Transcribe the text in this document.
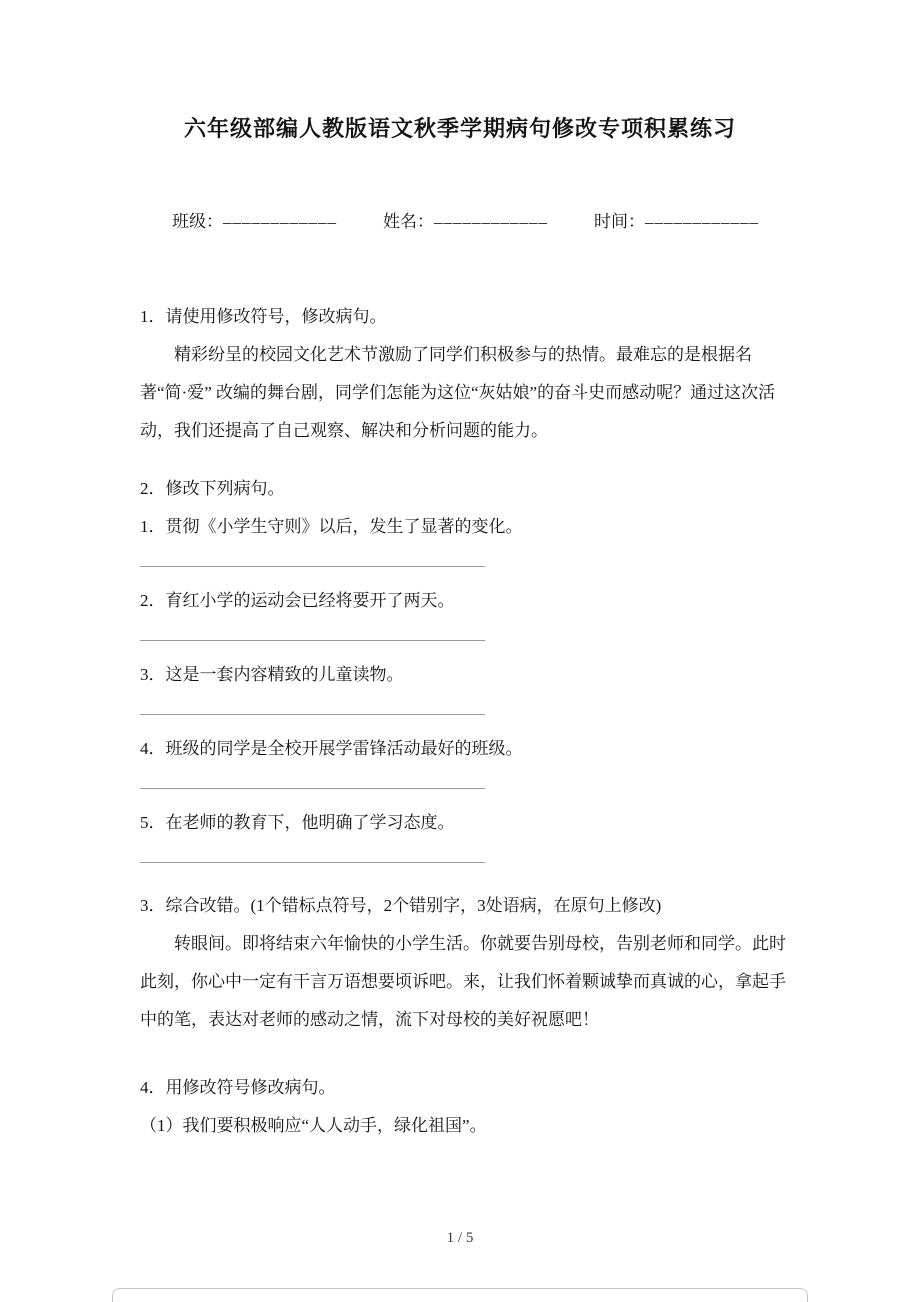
六年级部编人教版语文秋季学期病句修改专项积累练习
班级： ____________	姓名： ____________	时间： ____________

1．请使用修改符号，修改病句。

精彩纷呈的校园文化艺术节激励了同学们积极参与的热情。最难忘的是根据名著“简·爱” 改编的舞台剧，同学们怎能为这位“灰姑娘”的奋斗史而感动呢？通过这次活动，我们还提高了自己观察、解决和分析问题的能力。

2．修改下列病句。

1．贯彻《小学生守则》以后，发生了显著的变化。

2．育红小学的运动会已经将要开了两天。

3．这是一套内容精致的儿童读物。

4．班级的同学是全校开展学雷锋活动最好的班级。

5．在老师的教育下，他明确了学习态度。

3．综合改错。(1个错标点符号，2个错别字，3处语病，在原句上修改)

转眼间。即将结束六年愉快的小学生活。你就要告别母校，告别老师和同学。此时此刻，你心中一定有干言万语想要顷诉吧。来，让我们怀着颗诚挚而真诚的心，拿起手中的笔，表达对老师的感动之情，流下对母校的美好祝愿吧！

4．用修改符号修改病句。

（1）我们要积极响应“人人动手，绿化祖国”。

1 / 5
